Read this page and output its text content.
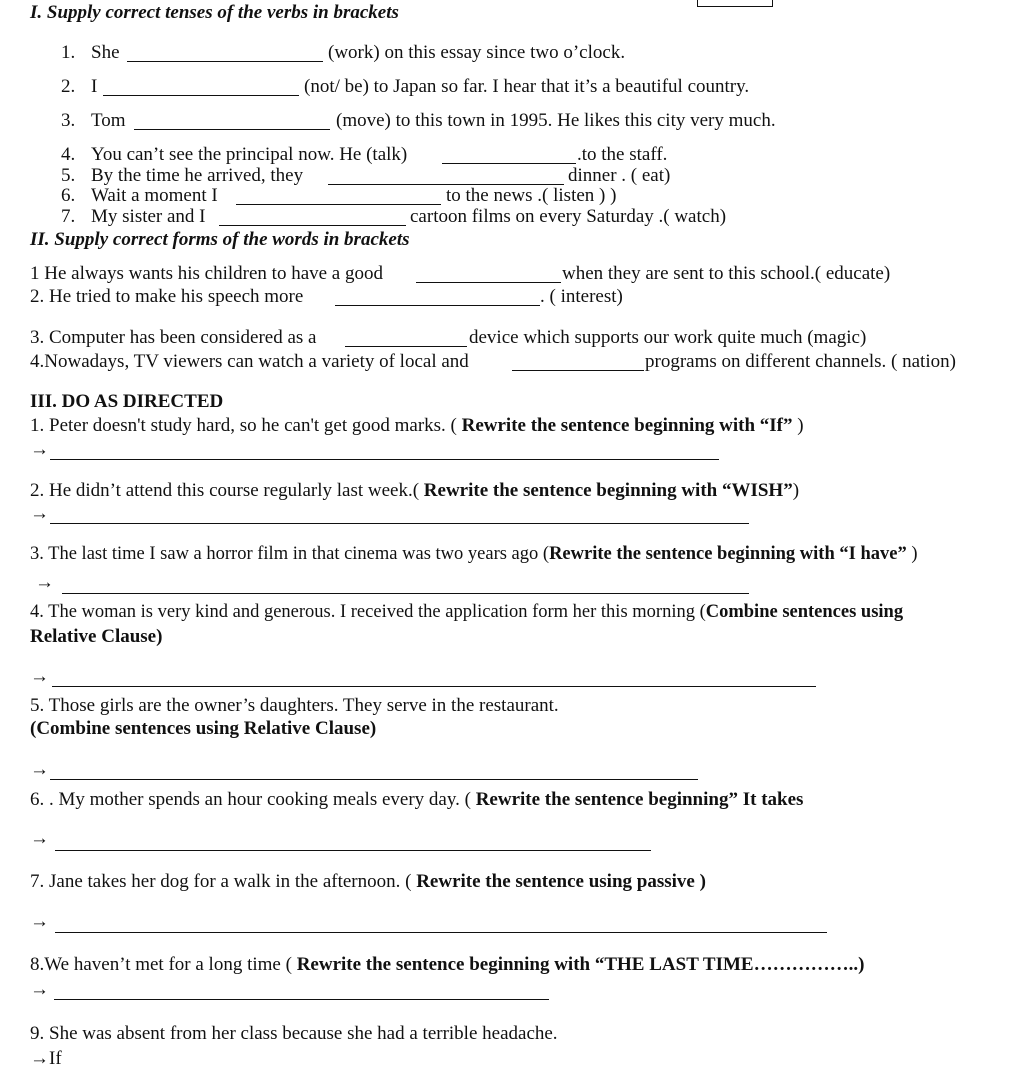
I. Supply correct tenses of the verbs in brackets
1. She	(work) on this essay since two o’clock.
2. I	(not/ be) to Japan so far. I hear that it’s a beautiful country.
3. Tom	(move) to this town in 1995. He likes this city very much.
4. You can’t see the principal now. He (talk)	.to the staff.
5. By the time he arrived, they	dinner . ( eat)
6. Wait a moment I	to the news .( listen ) )
7. My sister and I	cartoon films on every Saturday .( watch)
II. Supply correct forms of the words in brackets
1 He always wants his children to have a good	when they are sent to this school.( educate)
2. He tried to make his speech more	. ( interest)
3. Computer has been considered as a	device which supports our work quite much (magic)
4.Nowadays, TV viewers can watch a variety of local and	programs on different channels. ( nation)
III. DO AS DIRECTED
1. Peter doesn't study hard, so he can't get good marks. ( Rewrite the sentence beginning with “If” )
→
2. He didn’t attend this course regularly last week.( Rewrite the sentence beginning with “WISH”)
→
3. The last time I saw a horror film in that cinema was two years ago (Rewrite the sentence beginning with “I have” )
→
4. The woman is very kind and generous. I received the application form her this morning (Combine sentences using
Relative Clause)
→
5. Those girls are the owner’s daughters. They serve in the restaurant.
(Combine sentences using Relative Clause)
→
6. . My mother spends an hour cooking meals every day. ( Rewrite the sentence beginning” It takes
→
7. Jane takes her dog for a walk in the afternoon. ( Rewrite the sentence using passive )
→
8.We haven’t met for a long time ( Rewrite the sentence beginning with “THE LAST TIME……………..)
→
9. She was absent from her class because she had a terrible headache.
→If
